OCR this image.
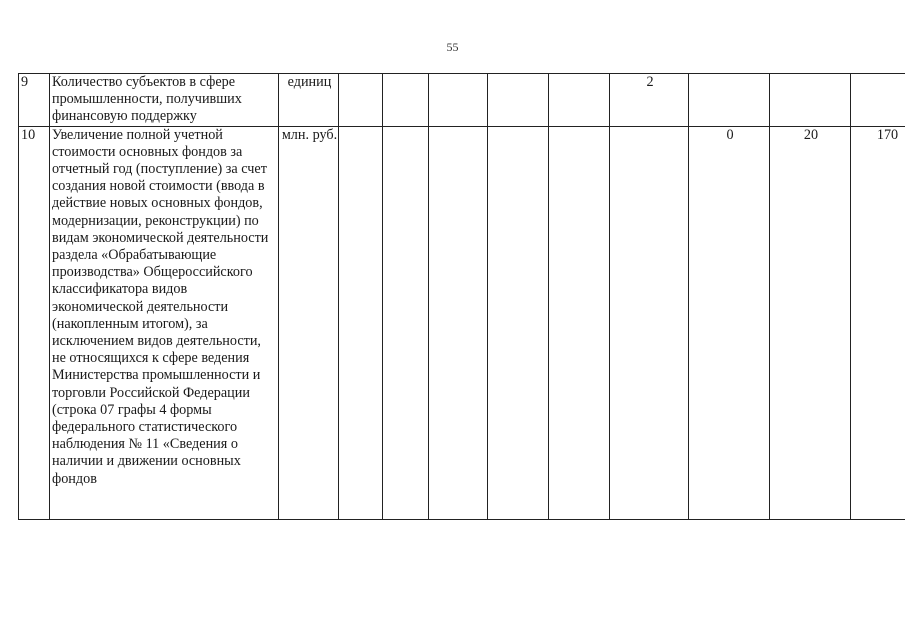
55
9	Количество субъектов в сфере промышленности, получивших финансовую поддержку	единиц						2			
10	Увеличение полной учетной стоимости основных фондов за отчетный год (поступление) за счет создания новой стоимости (ввода в действие новых основных фондов, модернизации, реконструкции) по видам экономической деятельности раздела «Обрабатывающие производства» Общероссийского классификатора видов экономической деятельности (накопленным итогом), за исключением видов деятельности, не относящихся к сфере ведения Министерства промышленности и торговли Российской Федерации (строка 07 графы 4 формы федерального статистического наблюдения № 11 «Сведения о наличии и движении основных фондов	млн. руб.							0	20	170
